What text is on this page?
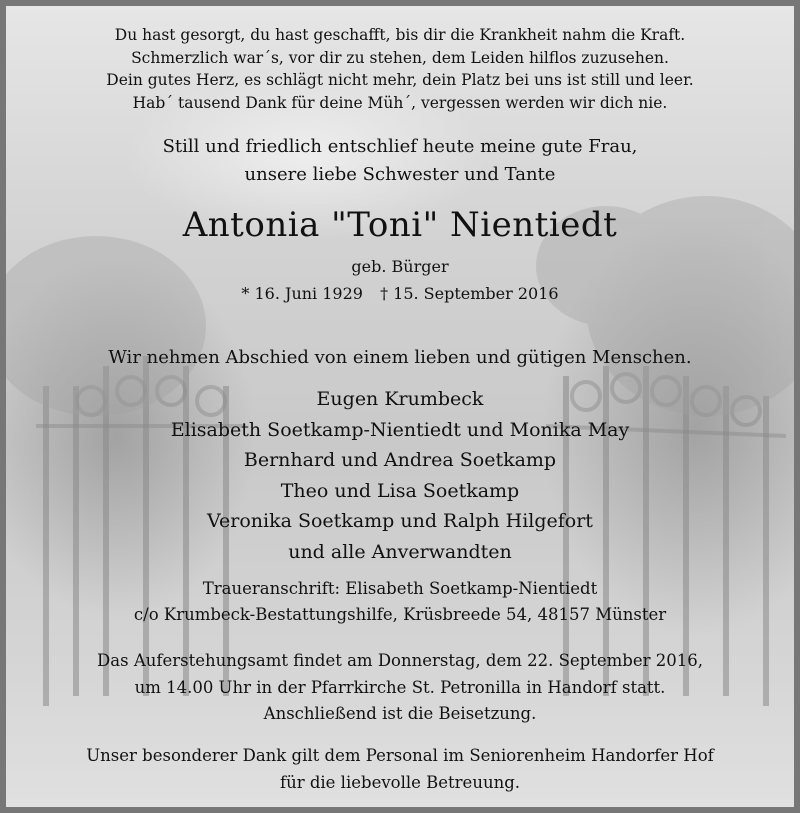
Du hast gesorgt, du hast geschafft, bis dir die Krankheit nahm die Kraft.
Schmerzlich war´s, vor dir zu stehen, dem Leiden hilflos zuzusehen.
Dein gutes Herz, es schlägt nicht mehr, dein Platz bei uns ist still und leer.
Hab´ tausend Dank für deine Müh´, vergessen werden wir dich nie.
Still und friedlich entschlief heute meine gute Frau,
unsere liebe Schwester und Tante
Antonia "Toni" Nientiedt
geb. Bürger
* 16. Juni 1929 † 15. September 2016
Wir nehmen Abschied von einem lieben und gütigen Menschen.
Eugen Krumbeck
Elisabeth Soetkamp-Nientiedt und Monika May
Bernhard und Andrea Soetkamp
Theo und Lisa Soetkamp
Veronika Soetkamp und Ralph Hilgefort
und alle Anverwandten
Traueranschrift: Elisabeth Soetkamp-Nientiedt
c/o Krumbeck-Bestattungshilfe, Krüsbreede 54, 48157 Münster
Das Auferstehungsamt findet am Donnerstag, dem 22. September 2016,
um 14.00 Uhr in der Pfarrkirche St. Petronilla in Handorf statt.
Anschließend ist die Beisetzung.
Unser besonderer Dank gilt dem Personal im Seniorenheim Handorfer Hof
für die liebevolle Betreuung.
